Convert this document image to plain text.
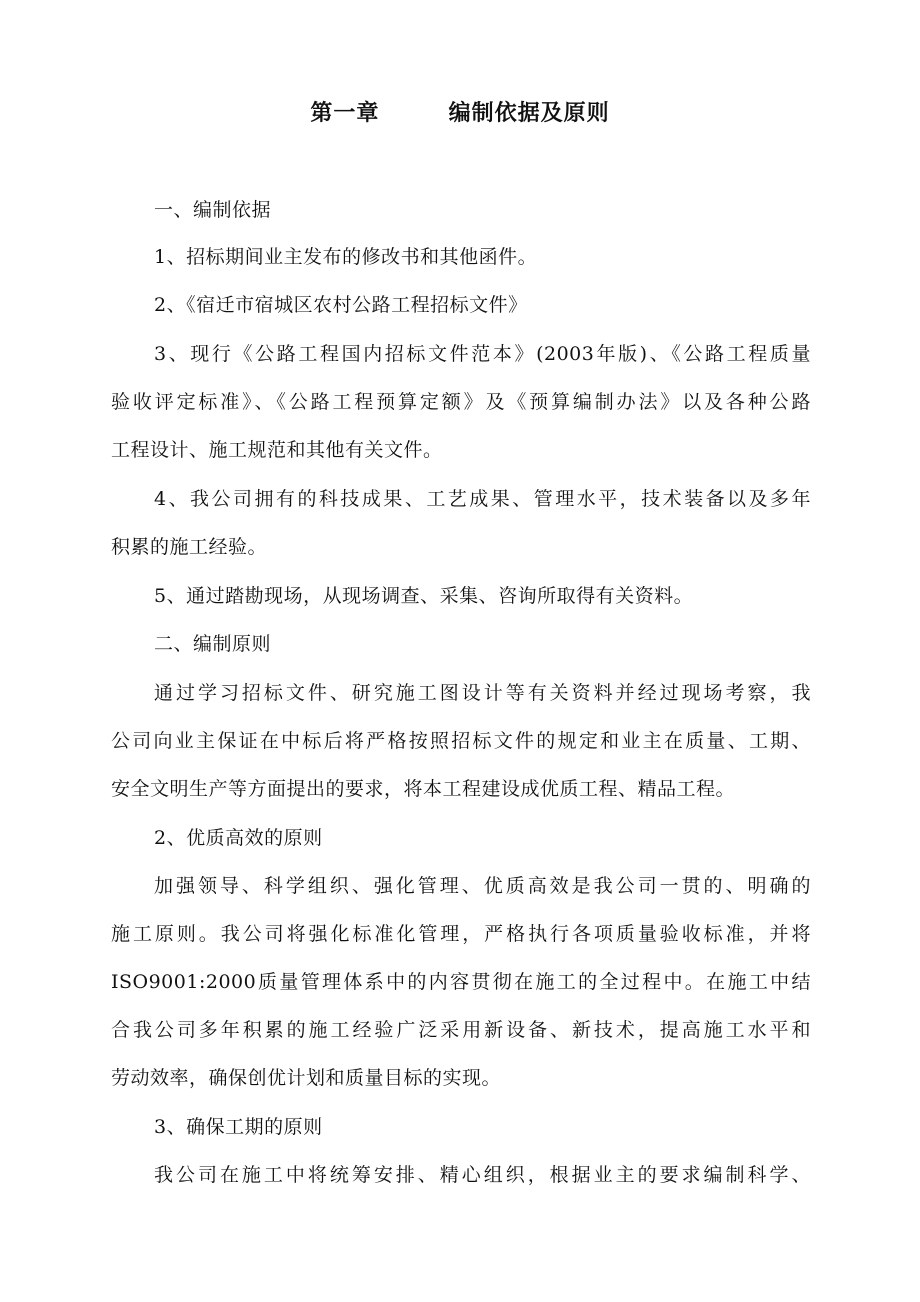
第一章        编制依据及原则
一、编制依据
1、招标期间业主发布的修改书和其他函件。
2、《宿迁市宿城区农村公路工程招标文件》
3、现行《公路工程国内招标文件范本》(2003年版)、《公路工程质量
验收评定标准》、《公路工程预算定额》及《预算编制办法》以及各种公路
工程设计、施工规范和其他有关文件。
4、我公司拥有的科技成果、工艺成果、管理水平，技术装备以及多年
积累的施工经验。
5、通过踏勘现场，从现场调查、采集、咨询所取得有关资料。
二、编制原则
通过学习招标文件、研究施工图设计等有关资料并经过现场考察，我
公司向业主保证在中标后将严格按照招标文件的规定和业主在质量、工期、
安全文明生产等方面提出的要求，将本工程建设成优质工程、精品工程。
2、优质高效的原则
加强领导、科学组织、强化管理、优质高效是我公司一贯的、明确的
施工原则。我公司将强化标准化管理，严格执行各项质量验收标准，并将
ISO9001:2000质量管理体系中的内容贯彻在施工的全过程中。在施工中结
合我公司多年积累的施工经验广泛采用新设备、新技术，提高施工水平和
劳动效率，确保创优计划和质量目标的实现。
3、确保工期的原则
我公司在施工中将统筹安排、精心组织，根据业主的要求编制科学、
